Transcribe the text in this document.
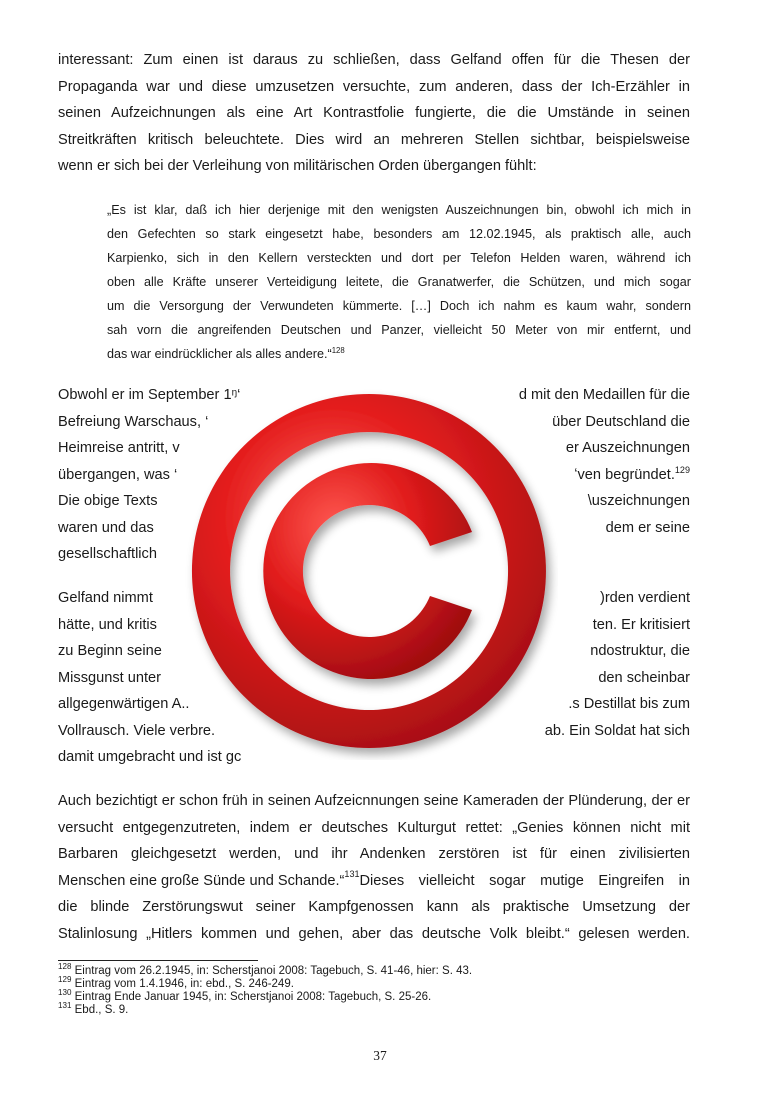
interessant: Zum einen ist daraus zu schließen, dass Gelfand offen für die Thesen der
Propaganda war und diese umzusetzen versuchte, zum anderen, dass der Ich-Erzähler in
seinen Aufzeichnungen als eine Art Kontrastfolie fungierte, die die Umstände in seinen
Streitkräften kritisch beleuchtete. Dies wird an mehreren Stellen sichtbar, beispielsweise
wenn er sich bei der Verleihung von militärischen Orden übergangen fühlt:
„Es ist klar, daß ich hier derjenige mit den wenigsten Auszeichnungen bin, obwohl ich mich in
den Gefechten so stark eingesetzt habe, besonders am 12.02.1945, als praktisch alle, auch
Karpienko, sich in den Kellern versteckten und dort per Telefon Helden waren, während ich
oben alle Kräfte unserer Verteidigung leitete, die Granatwerfer, die Schützen, und mich sogar
um die Versorgung der Verwundeten kümmerte. […] Doch ich nahm es kaum wahr, sondern
sah vorn die angreifenden Deutschen und Panzer, vielleicht 50 Meter von mir entfernt, und
das war eindrücklicher als alles andere.“$^{128}$
Obwohl er im September 1ᵑ‘	d mit den Medaillen für die
Befreiung Warschaus, ‘	über Deutschland die
Heimreise antritt, v	er Auszeichnungen
übergangen, was ‘	ʻven begründet.$^{129}$
Die obige Texts	\uszeichnungen
waren und das	dem er seine
gesellschaftlich
Gelfand nimmt	)rden verdient
hätte, und kritis	ten. Er kritisiert
zu Beginn seine	ndostruktur, die
Missgunst unter	den scheinbar
allgegenwärtigen A..	.s Destillat bis zum
Vollrausch. Viele verbre.	ab. Ein Soldat hat sich
damit umgebracht und ist gc
Auch bezichtigt er schon früh in seinen Aufzeicnnungen seine Kameraden der Plünderung, der er
versucht entgegenzutreten, indem er deutsches Kulturgut rettet: „Genies können nicht mit
Barbaren gleichgesetzt werden, und ihr Andenken zerstören ist für einen zivilisierten
Menschen eine große Sünde und Schande.“ 131 Dieses vielleicht sogar mutige Eingreifen in
die blinde Zerstörungswut seiner Kampfgenossen kann als praktische Umsetzung der
Stalinlosung „Hitlers kommen und gehen, aber das deutsche Volk bleibt.“ gelesen werden.
$^{128}$ Eintrag vom 26.2.1945, in: Scherstjanoi 2008: Tagebuch, S. 41-46, hier: S. 43.
$^{129}$ Eintrag vom 1.4.1946, in: ebd., S. 246-249.
$^{130}$ Eintrag Ende Januar 1945, in: Scherstjanoi 2008: Tagebuch, S. 25-26.
$^{131}$ Ebd., S. 9.
37
